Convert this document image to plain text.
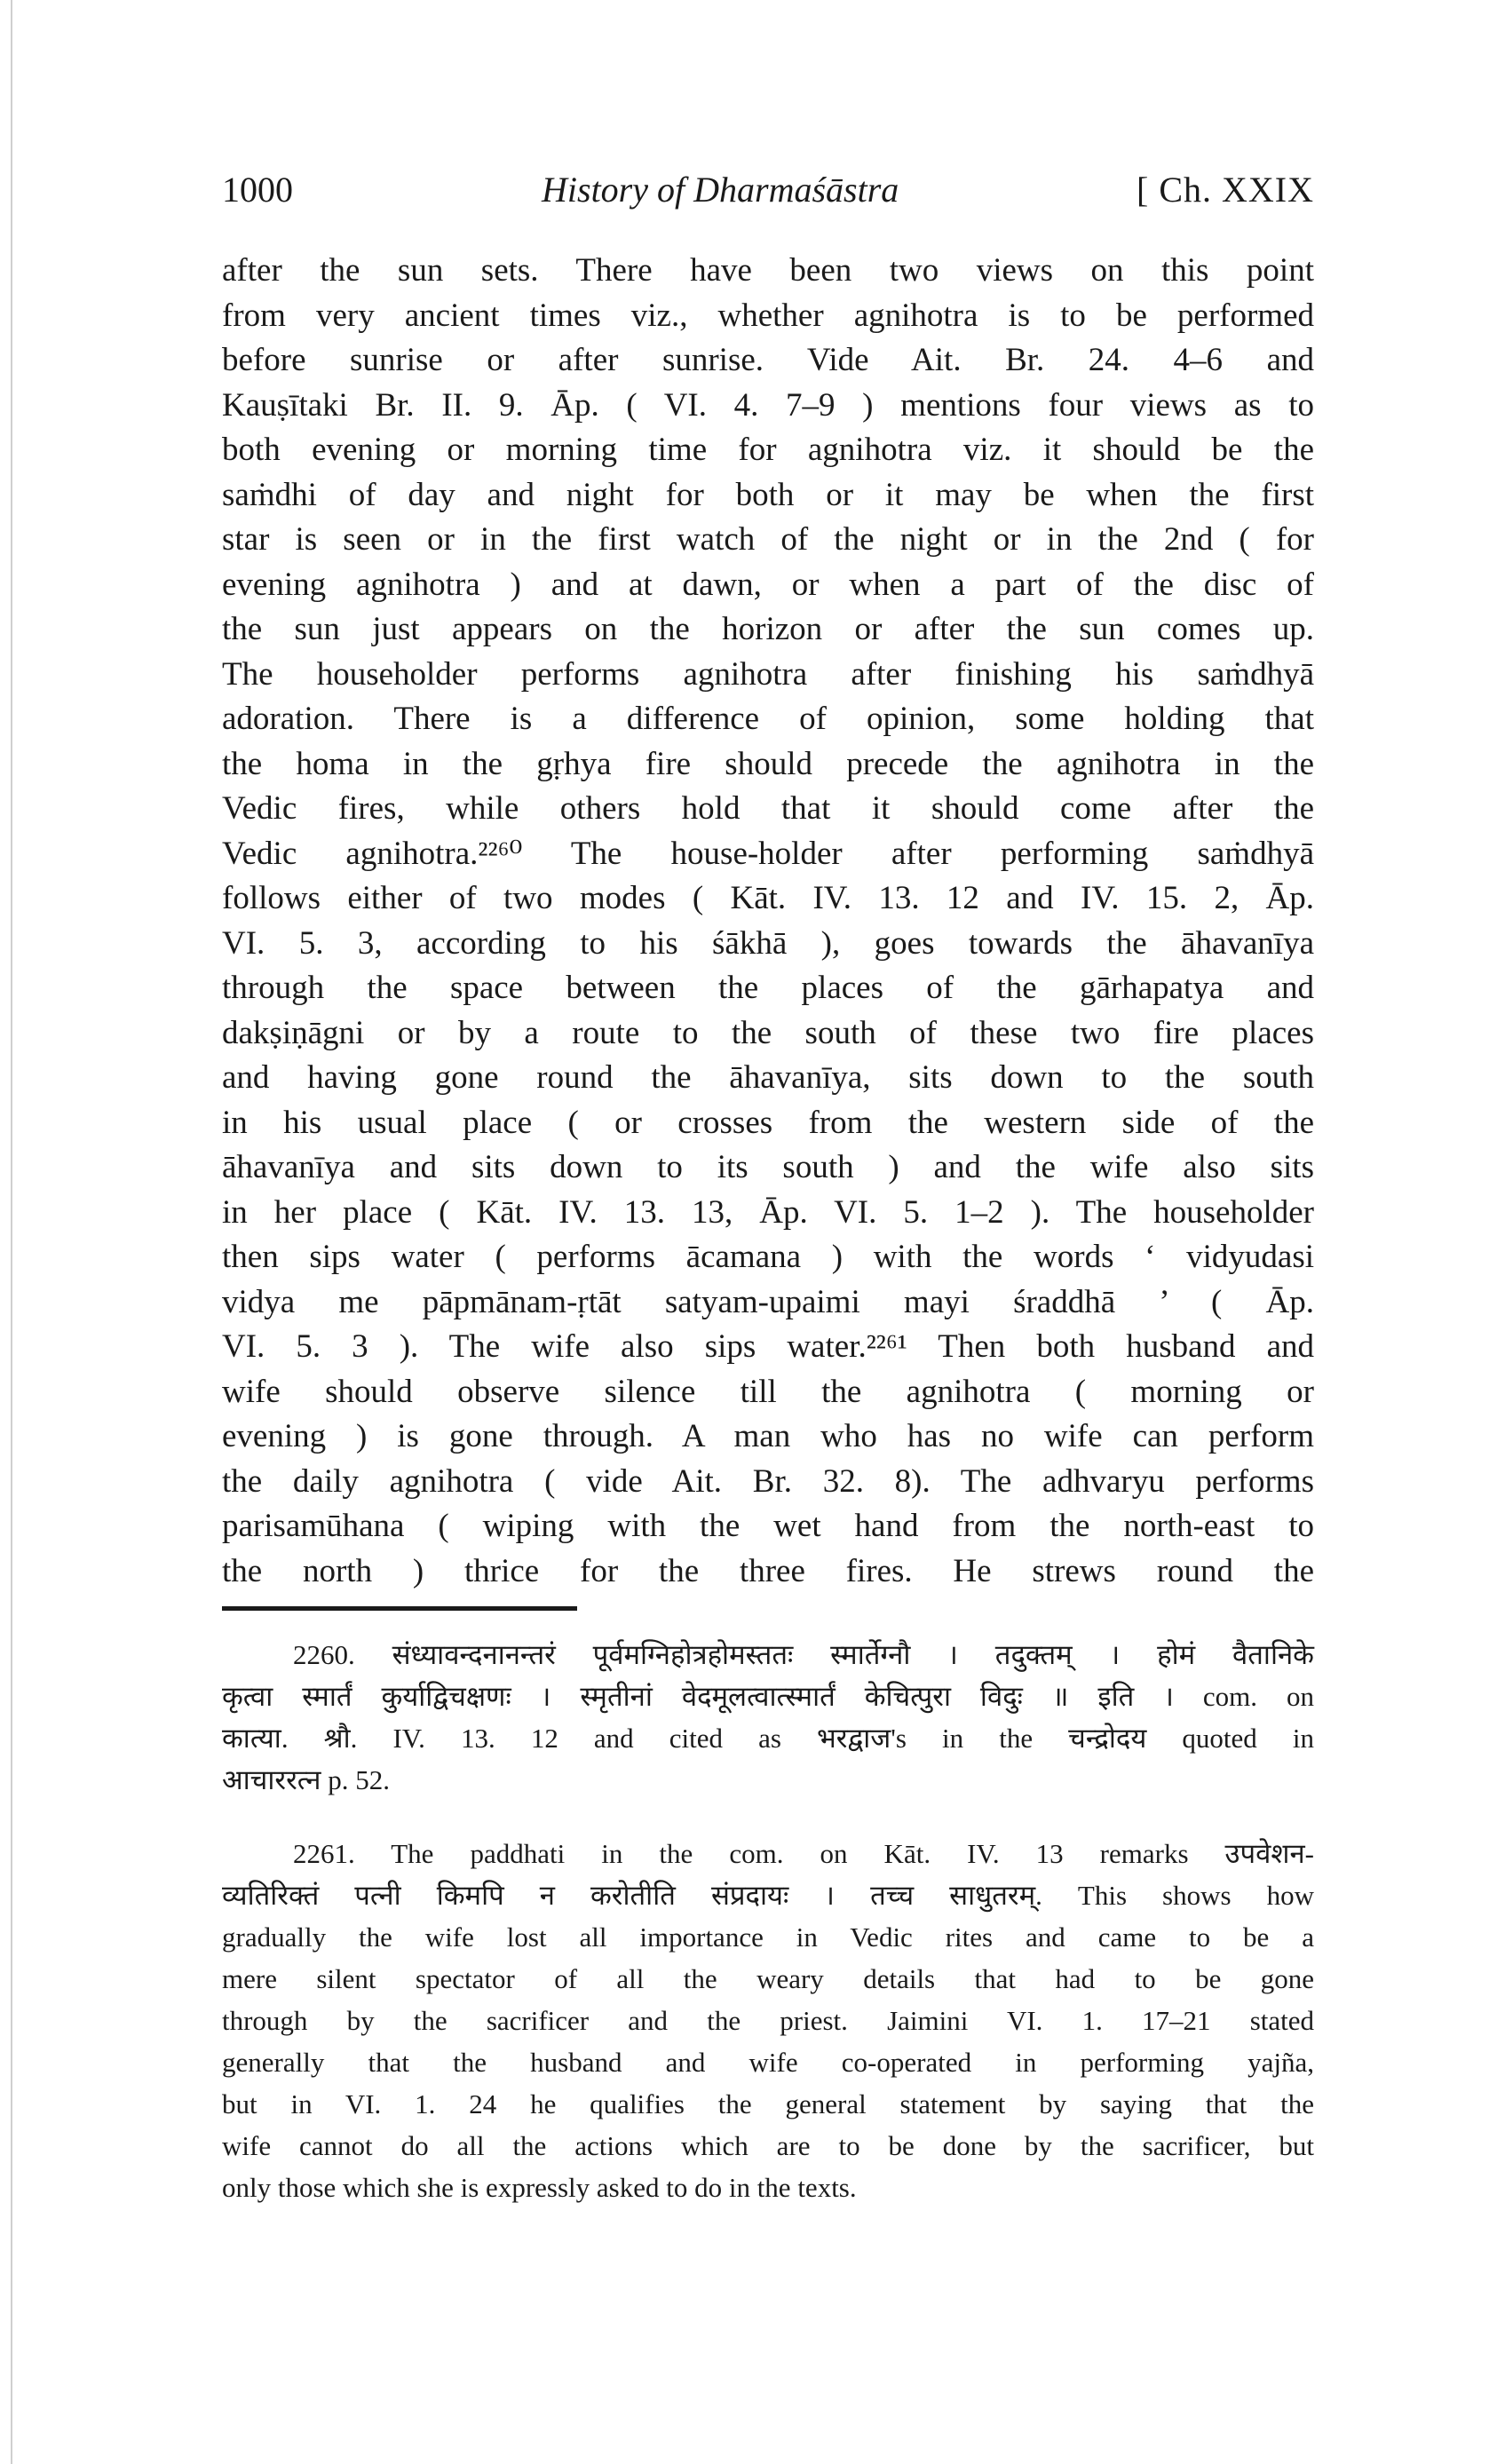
1000	History of Dharmaśāstra	[ Ch. XXIX
after the sun sets. There have been two views on this point
from very ancient times viz., whether agnihotra is to be performed
before sunrise or after sunrise. Vide Ait. Br. 24. 4–6 and
Kauṣītaki Br. II. 9. Āp. ( VI. 4. 7–9 ) mentions four views as to
both evening or morning time for agnihotra viz. it should be the
saṁdhi of day and night for both or it may be when the first
star is seen or in the first watch of the night or in the 2nd ( for
evening agnihotra ) and at dawn, or when a part of the disc of
the sun just appears on the horizon or after the sun comes up.
The householder performs agnihotra after finishing his saṁdhyā
adoration. There is a difference of opinion, some holding that
the homa in the gṛhya fire should precede the agnihotra in the
Vedic fires, while others hold that it should come after the
Vedic agnihotra.²²⁶⁰ The house-holder after performing saṁdhyā
follows either of two modes ( Kāt. IV. 13. 12 and IV. 15. 2, Āp.
VI. 5. 3, according to his śākhā ), goes towards the āhavanīya
through the space between the places of the gārhapatya and
dakṣiṇāgni or by a route to the south of these two fire places
and having gone round the āhavanīya, sits down to the south
in his usual place ( or crosses from the western side of the
āhavanīya and sits down to its south ) and the wife also sits
in her place ( Kāt. IV. 13. 13, Āp. VI. 5. 1–2 ). The householder
then sips water ( performs ācamana ) with the words ‘ vidyudasi
vidya me pāpmānam-ṛtāt satyam-upaimi mayi śraddhā ’ ( Āp.
VI. 5. 3 ). The wife also sips water.²²⁶¹ Then both husband and
wife should observe silence till the agnihotra ( morning or
evening ) is gone through. A man who has no wife can perform
the daily agnihotra ( vide Ait. Br. 32. 8). The adhvaryu performs
parisamūhana ( wiping with the wet hand from the north-east to
the north ) thrice for the three fires. He strews round the
2260. संध्यावन्दनानन्तरं पूर्वमग्निहोत्रहोमस्ततः स्मार्तेग्नौ । तदुक्तम् । होमं वैतानिके
कृत्वा स्मार्तं कुर्याद्विचक्षणः । स्मृतीनां वेदमूलत्वात्स्मार्तं केचित्पुरा विदुः ॥ इति । com. on
कात्या. श्रौ. IV. 13. 12 and cited as भरद्वाज's in the चन्द्रोदय quoted in
आचाररत्न p. 52.
2261. The paddhati in the com. on Kāt. IV. 13 remarks उपवेशन-
व्यतिरिक्तं पत्नी किमपि न करोतीति संप्रदायः । तच्च साधुतरम्. This shows how
gradually the wife lost all importance in Vedic rites and came to be a
mere silent spectator of all the weary details that had to be gone
through by the sacrificer and the priest. Jaimini VI. 1. 17–21 stated
generally that the husband and wife co-operated in performing yajña,
but in VI. 1. 24 he qualifies the general statement by saying that the
wife cannot do all the actions which are to be done by the sacrificer, but
only those which she is expressly asked to do in the texts.
